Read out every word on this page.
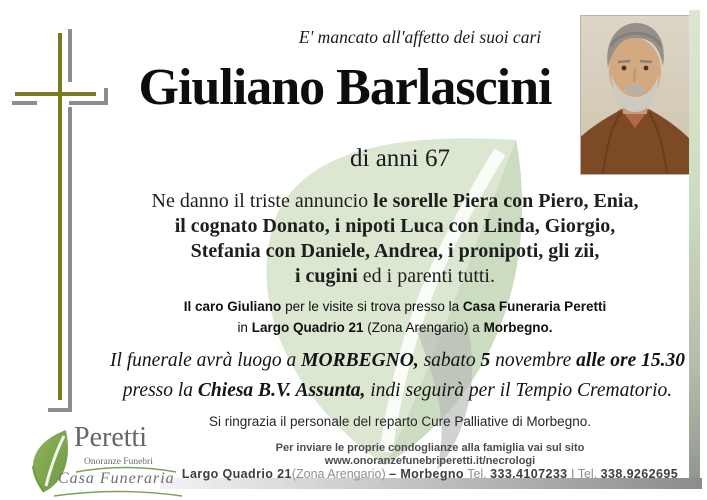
E' mancato all'affetto dei suoi cari
Giuliano Barlascini
di anni 67
Ne danno il triste annuncio le sorelle Piera con Piero, Enia,
il cognato Donato, i nipoti Luca con Linda, Giorgio,
Stefania con Daniele, Andrea, i pronipoti, gli zii,
i cugini ed i parenti tutti.
Il caro Giuliano per le visite si trova presso la Casa Funeraria Peretti
in Largo Quadrio 21 (Zona Arengario) a Morbegno.
Il funerale avrà luogo a MORBEGNO, sabato 5 novembre alle ore 15.30
presso la Chiesa B.V. Assunta, indi seguirà per il Tempio Crematorio.
Si ringrazia il personale del reparto Cure Palliative di Morbegno.
Per inviare le proprie condoglianze alla famiglia vai sul sito
www.onoranzefunebriperetti.it/necrologi
Largo Quadrio 21(Zona Arengario) – Morbegno Tel. 333.4107233 I Tel. 338.9262695
Peretti
Onoranze Funebri
Casa Funeraria
